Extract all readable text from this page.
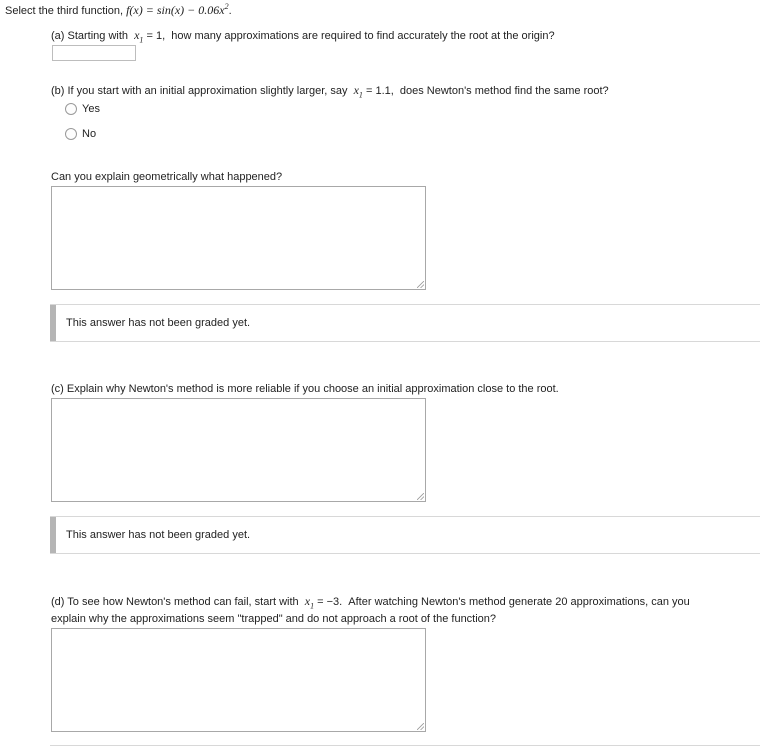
Select the third function, $f(x) = \sin(x) - 0.06x^2$.
(a) Starting with $x_1 = 1$, how many approximations are required to find accurately the root at the origin?
(b) If you start with an initial approximation slightly larger, say $x_1 = 1.1$, does Newton's method find the same root?
Yes
No
Can you explain geometrically what happened?
This answer has not been graded yet.
(c) Explain why Newton's method is more reliable if you choose an initial approximation close to the root.
This answer has not been graded yet.
(d) To see how Newton's method can fail, start with $x_1 = -3$. After watching Newton's method generate 20 approximations, can you
explain why the approximations seem "trapped" and do not approach a root of the function?
